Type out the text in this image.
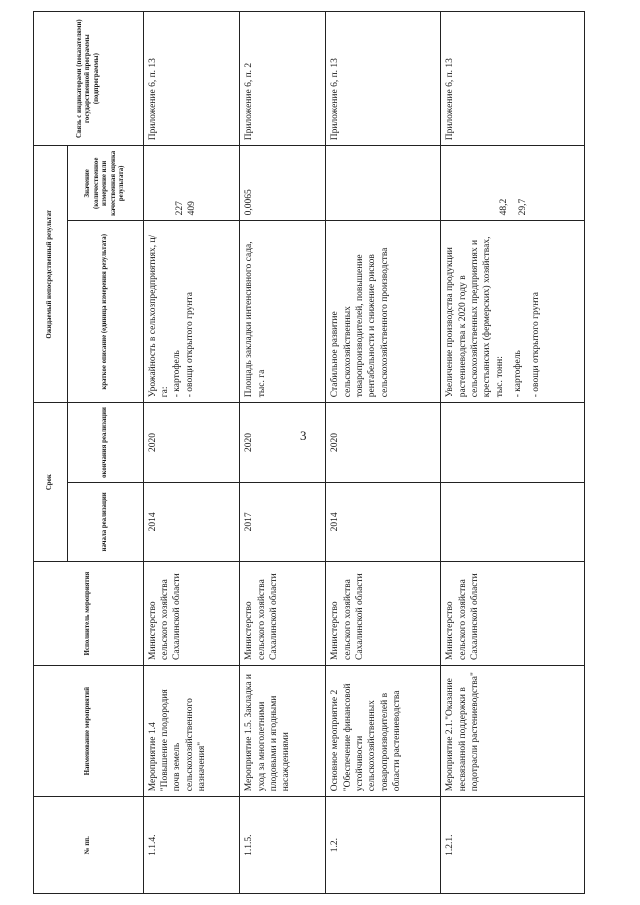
3
№ пп.	Наименование мероприятий	Исполнитель мероприятия	Срок		Ожидаемый непосредственный результат		Связь с индикаторами (показателями) государственной программы (подпрограммы)
			начала реализации	окончания реализации	краткое описание (единица измерения результата)	Значение (количественное измерение или качественная оценка результата)	
1.1.4.	Мероприятие 1.4 "Повышение плодородия почв земель сельскохозяйственного назначения"	Министерство сельского хозяйства Сахалинской области	2014	2020	Урожайность в сельхозпредприятиях, ц/га: - картофель - овощи открытого грунта	227 409	Приложение 6, п. 13
1.1.5.	Мероприятие 1.5. Закладка и уход за многолетними плодовыми и ягодными насаждениями	Министерство сельского хозяйства Сахалинской области	2017	2020	Площадь закладки интенсивного сада, тыс. га	0,0065	Приложение 6, п. 2
1.2.	Основное мероприятие 2 "Обеспечение финансовой устойчивости сельскохозяйственных товаропроизводителей в области растениеводства	Министерство сельского хозяйства Сахалинской области	2014	2020	Стабильное развитие сельскохозяйственных товаропроизводителей, повышение рентабельности и снижение рисков сельскохозяйственного производства		Приложение 6, п. 13
1.2.1.	Мероприятие 2.1."Оказание несвязанной поддержки в подотрасли растениеводства"	Министерство сельского хозяйства Сахалинской области			Увеличение производства продукции растениеводства к 2020 году в сельскохозяйственных предприятиях и крестьянских (фермерских) хозяйствах, тыс. тонн: - картофель - овощи открытого грунта	48,2 29,7	Приложение 6, п. 13
